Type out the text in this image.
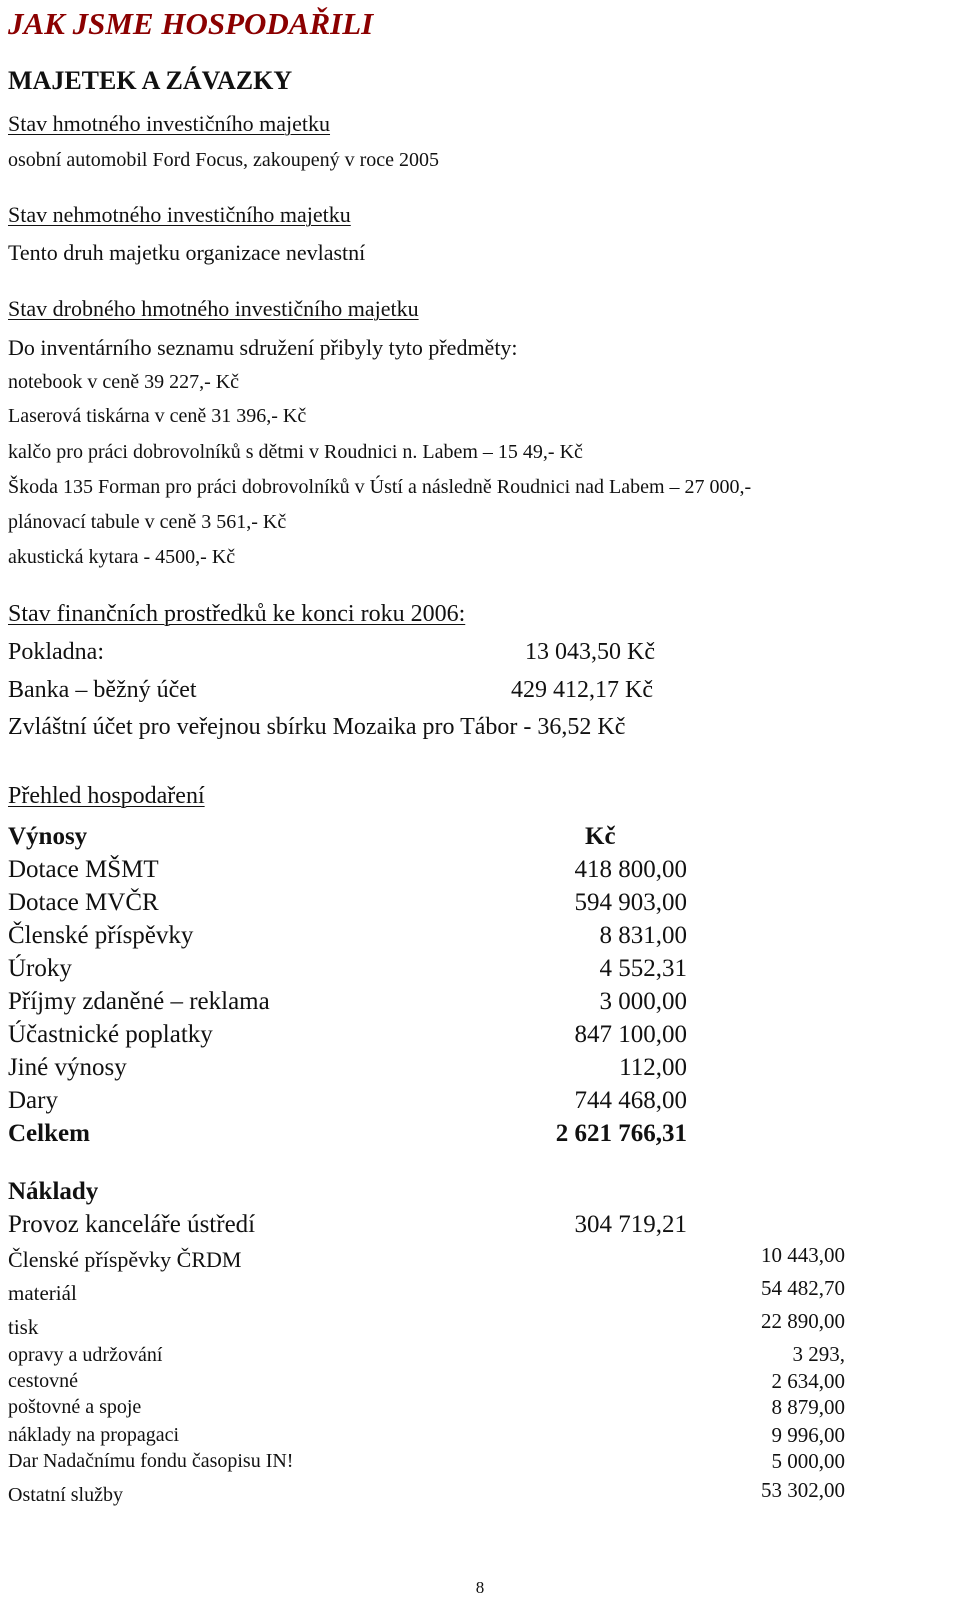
JAK JSME HOSPODAŘILI
MAJETEK A ZÁVAZKY
Stav hmotného investičního majetku
osobní automobil Ford Focus, zakoupený v roce 2005
Stav nehmotného investičního majetku
Tento druh majetku organizace nevlastní
Stav drobného hmotného investičního majetku
Do inventárního seznamu sdružení přibyly tyto předměty:
notebook v ceně 39 227,- Kč
Laserová tiskárna v ceně 31 396,- Kč
kalčo pro práci dobrovolníků s dětmi v Roudnici n. Labem – 15 49,- Kč
Škoda 135 Forman pro práci dobrovolníků v Ústí a následně Roudnici nad Labem – 27 000,-
plánovací tabule v ceně 3 561,- Kč
akustická kytara - 4500,- Kč
Stav finančních prostředků ke konci roku 2006:
Pokladna:	13 043,50 Kč
Banka – běžný účet	429 412,17 Kč
Zvláštní účet pro veřejnou sbírku Mozaika pro Tábor - 36,52 Kč
Přehled hospodaření
Výnosy	Kč
Dotace MŠMT	418 800,00
Dotace MVČR	594 903,00
Členské příspěvky	8 831,00
Úroky	4 552,31
Příjmy zdaněné – reklama	3 000,00
Účastnické poplatky	847 100,00
Jiné výnosy	112,00
Dary	744 468,00
Celkem	2 621 766,31
Náklady
Provoz kanceláře ústředí	304 719,21
Členské příspěvky ČRDM	10 443,00
materiál	54 482,70
tisk	22 890,00
opravy a udržování	3 293,
cestovné	2 634,00
poštovné a spoje	8 879,00
náklady na propagaci	9 996,00
Dar Nadačnímu fondu časopisu IN!	5 000,00
Ostatní služby	53 302,00
8
